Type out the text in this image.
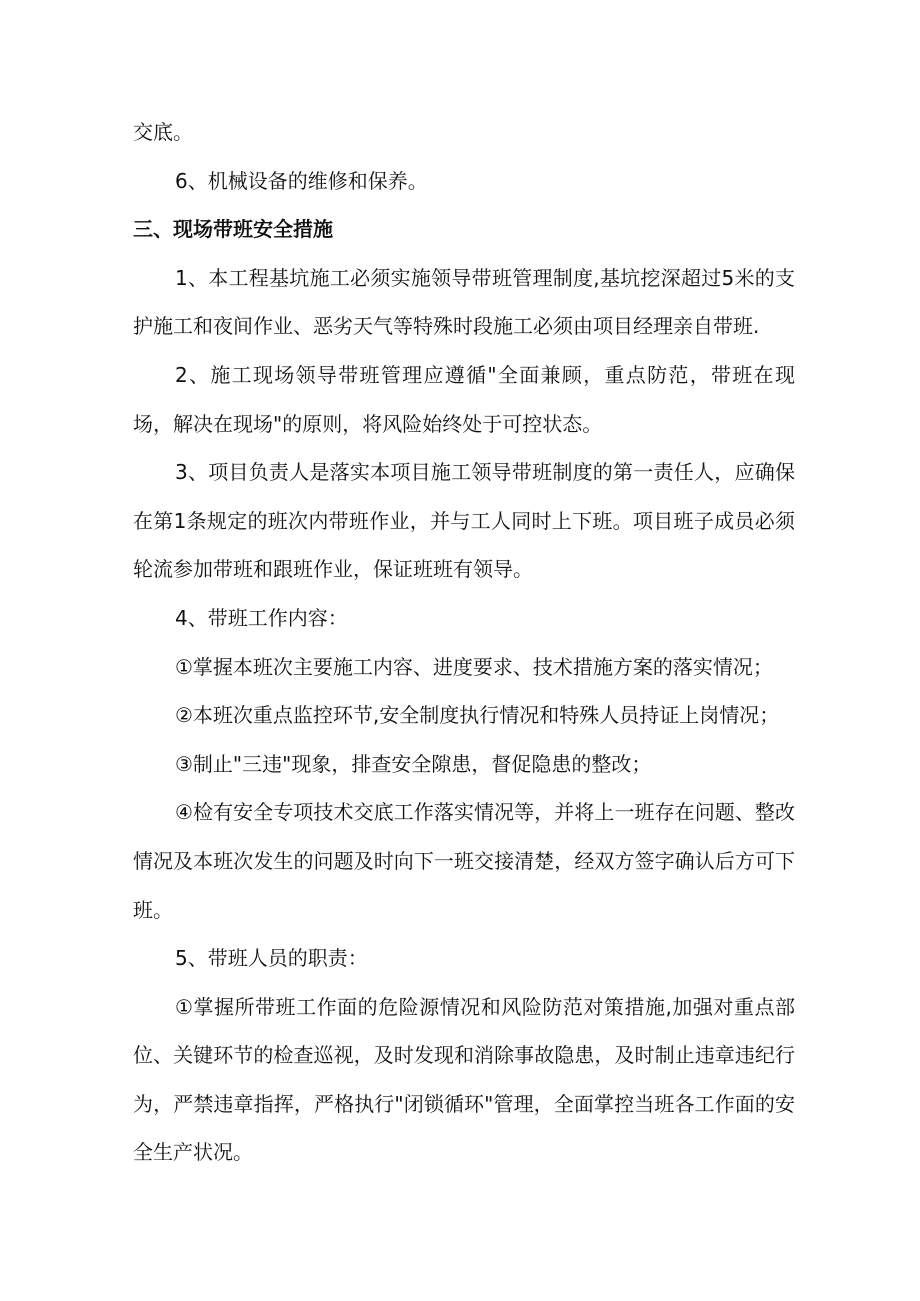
交底。

6、机械设备的维修和保养。

三、现场带班安全措施

1、本工程基坑施工必须实施领导带班管理制度,基坑挖深超过5米的支护施工和夜间作业、恶劣天气等特殊时段施工必须由项目经理亲自带班.

2、施工现场领导带班管理应遵循"全面兼顾，重点防范，带班在现场，解决在现场"的原则，将风险始终处于可控状态。

3、项目负责人是落实本项目施工领导带班制度的第一责任人，应确保在第1条规定的班次内带班作业，并与工人同时上下班。项目班子成员必须轮流参加带班和跟班作业，保证班班有领导。

4、带班工作内容：

①掌握本班次主要施工内容、进度要求、技术措施方案的落实情况；

②本班次重点监控环节,安全制度执行情况和特殊人员持证上岗情况；

③制止"三违"现象，排查安全隙患，督促隐患的整改；

④检有安全专项技术交底工作落实情况等，并将上一班存在问题、整改情况及本班次发生的问题及时向下一班交接清楚，经双方签字确认后方可下班。

5、带班人员的职责：

①掌握所带班工作面的危险源情况和风险防范对策措施,加强对重点部位、关键环节的检查巡视，及时发现和消除事故隐患，及时制止违章违纪行为，严禁违章指挥，严格执行"闭锁循环"管理，全面掌控当班各工作面的安全生产状况。
